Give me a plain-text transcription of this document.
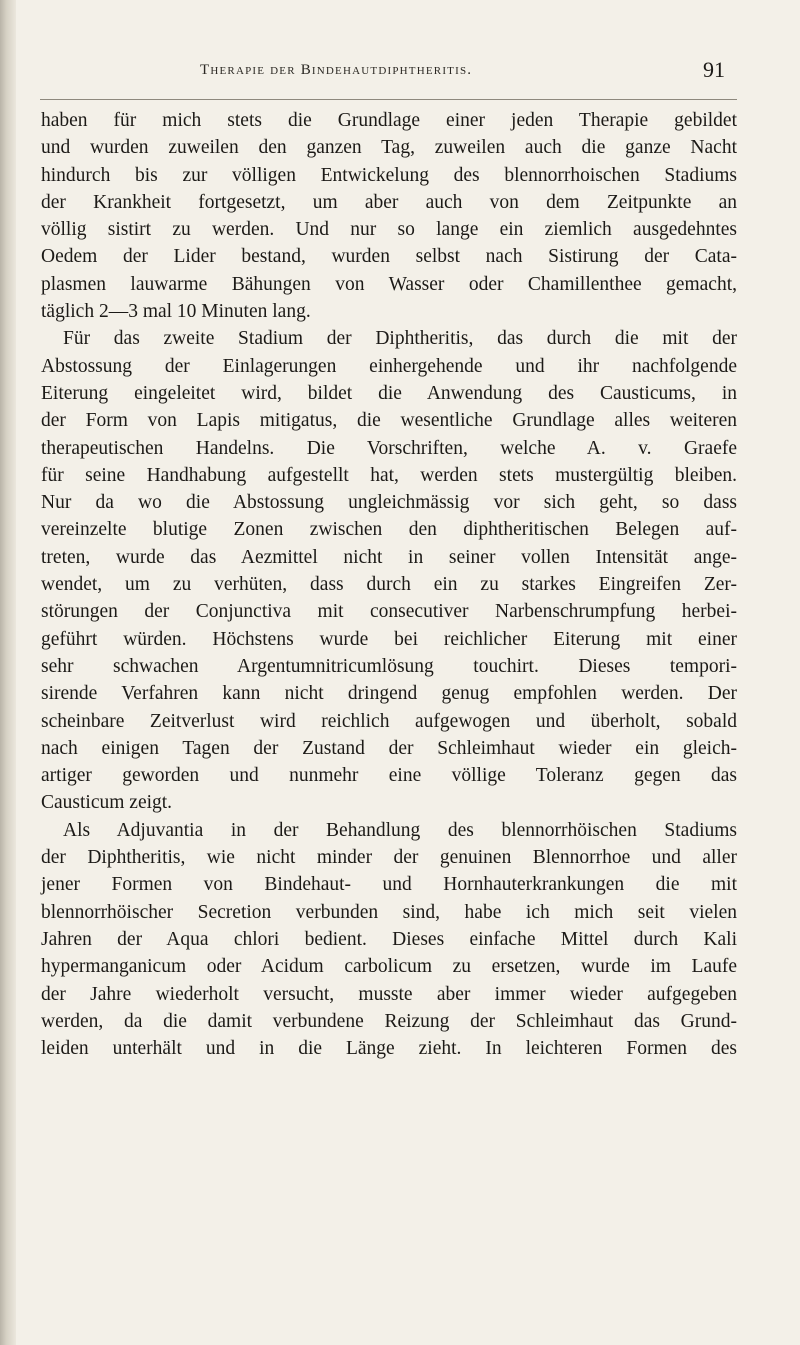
Therapie der Bindehautdiphtheritis.	91
haben für mich stets die Grundlage einer jeden Therapie gebildet
und wurden zuweilen den ganzen Tag, zuweilen auch die ganze Nacht
hindurch bis zur völligen Entwickelung des blennorrhoischen Stadiums
der Krankheit fortgesetzt, um aber auch von dem Zeitpunkte an
völlig sistirt zu werden. Und nur so lange ein ziemlich ausgedehntes
Oedem der Lider bestand, wurden selbst nach Sistirung der Cata-
plasmen lauwarme Bähungen von Wasser oder Chamillenthee gemacht,
täglich 2—3 mal 10 Minuten lang.
Für das zweite Stadium der Diphtheritis, das durch die mit der
Abstossung der Einlagerungen einhergehende und ihr nachfolgende
Eiterung eingeleitet wird, bildet die Anwendung des Causticums, in
der Form von Lapis mitigatus, die wesentliche Grundlage alles weiteren
therapeutischen Handelns. Die Vorschriften, welche A. v. Graefe
für seine Handhabung aufgestellt hat, werden stets mustergültig bleiben.
Nur da wo die Abstossung ungleichmässig vor sich geht, so dass
vereinzelte blutige Zonen zwischen den diphtheritischen Belegen auf-
treten, wurde das Aezmittel nicht in seiner vollen Intensität ange-
wendet, um zu verhüten, dass durch ein zu starkes Eingreifen Zer-
störungen der Conjunctiva mit consecutiver Narbenschrumpfung herbei-
geführt würden. Höchstens wurde bei reichlicher Eiterung mit einer
sehr schwachen Argentumnitricumlösung touchirt. Dieses tempori-
sirende Verfahren kann nicht dringend genug empfohlen werden. Der
scheinbare Zeitverlust wird reichlich aufgewogen und überholt, sobald
nach einigen Tagen der Zustand der Schleimhaut wieder ein gleich-
artiger geworden und nunmehr eine völlige Toleranz gegen das
Causticum zeigt.
Als Adjuvantia in der Behandlung des blennorrhöischen Stadiums
der Diphtheritis, wie nicht minder der genuinen Blennorrhoe und aller
jener Formen von Bindehaut- und Hornhauterkrankungen die mit
blennorrhöischer Secretion verbunden sind, habe ich mich seit vielen
Jahren der Aqua chlori bedient. Dieses einfache Mittel durch Kali
hypermanganicum oder Acidum carbolicum zu ersetzen, wurde im Laufe
der Jahre wiederholt versucht, musste aber immer wieder aufgegeben
werden, da die damit verbundene Reizung der Schleimhaut das Grund-
leiden unterhält und in die Länge zieht. In leichteren Formen des
